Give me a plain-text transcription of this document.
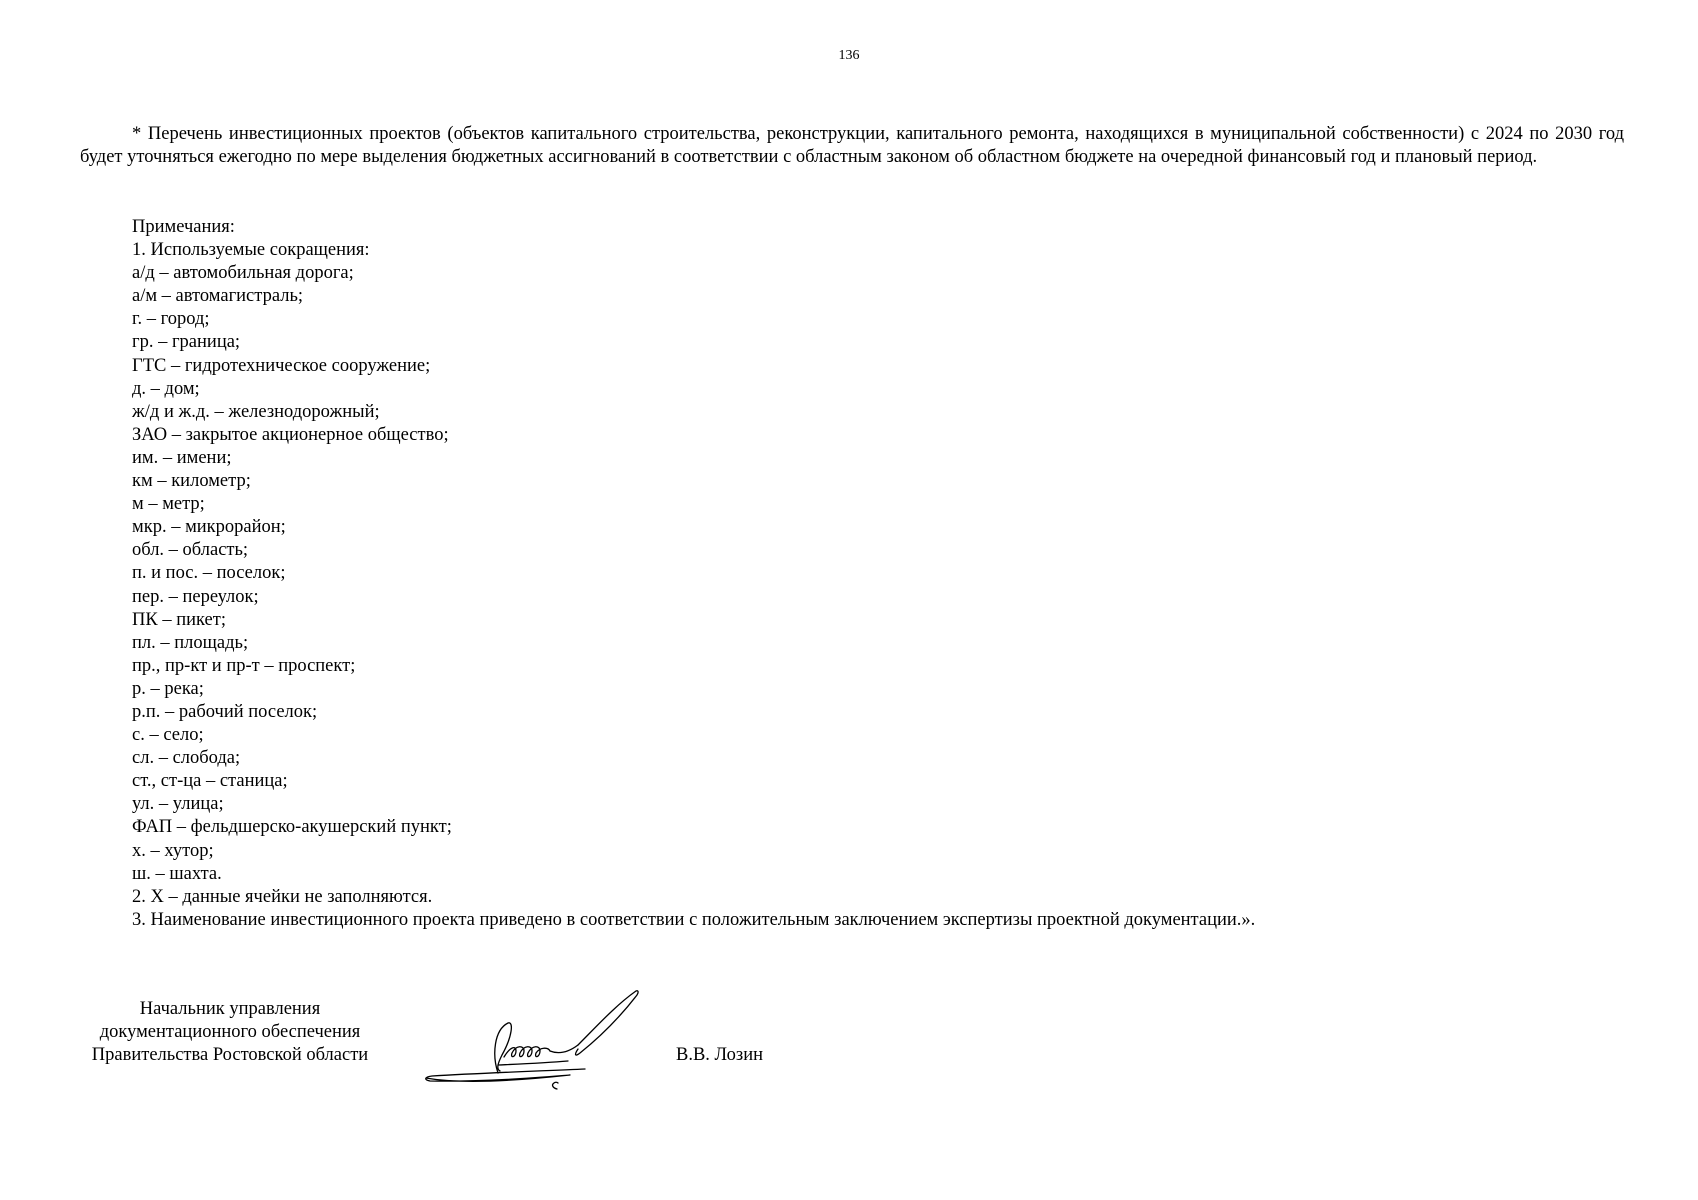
136

* Перечень инвестиционных проектов (объектов капитального строительства, реконструкции, капитального ремонта, находящихся в муниципальной собственности) с 2024 по 2030 год будет уточняться ежегодно по мере выделения бюджетных ассигнований в соответствии с областным законом об областном бюджете на очередной финансовый год и плановый период.

Примечания:
1. Используемые сокращения:
а/д – автомобильная дорога;
а/м – автомагистраль;
г. – город;
гр. – граница;
ГТС – гидротехническое сооружение;
д. – дом;
ж/д и ж.д. – железнодорожный;
ЗАО – закрытое акционерное общество;
им. – имени;
км – километр;
м – метр;
мкр. – микрорайон;
обл. – область;
п. и пос. – поселок;
пер. – переулок;
ПК – пикет;
пл. – площадь;
пр., пр-кт и пр-т – проспект;
р. – река;
р.п. – рабочий поселок;
с. – село;
сл. – слобода;
ст., ст-ца – станица;
ул. – улица;
ФАП – фельдшерско-акушерский пункт;
х. – хутор;
ш. – шахта.
2. Х – данные ячейки не заполняются.
3. Наименование инвестиционного проекта приведено в соответствии с положительным заключением экспертизы проектной документации.».
Начальник управления
документационного обеспечения
Правительства Ростовской области	В.В. Лозин
